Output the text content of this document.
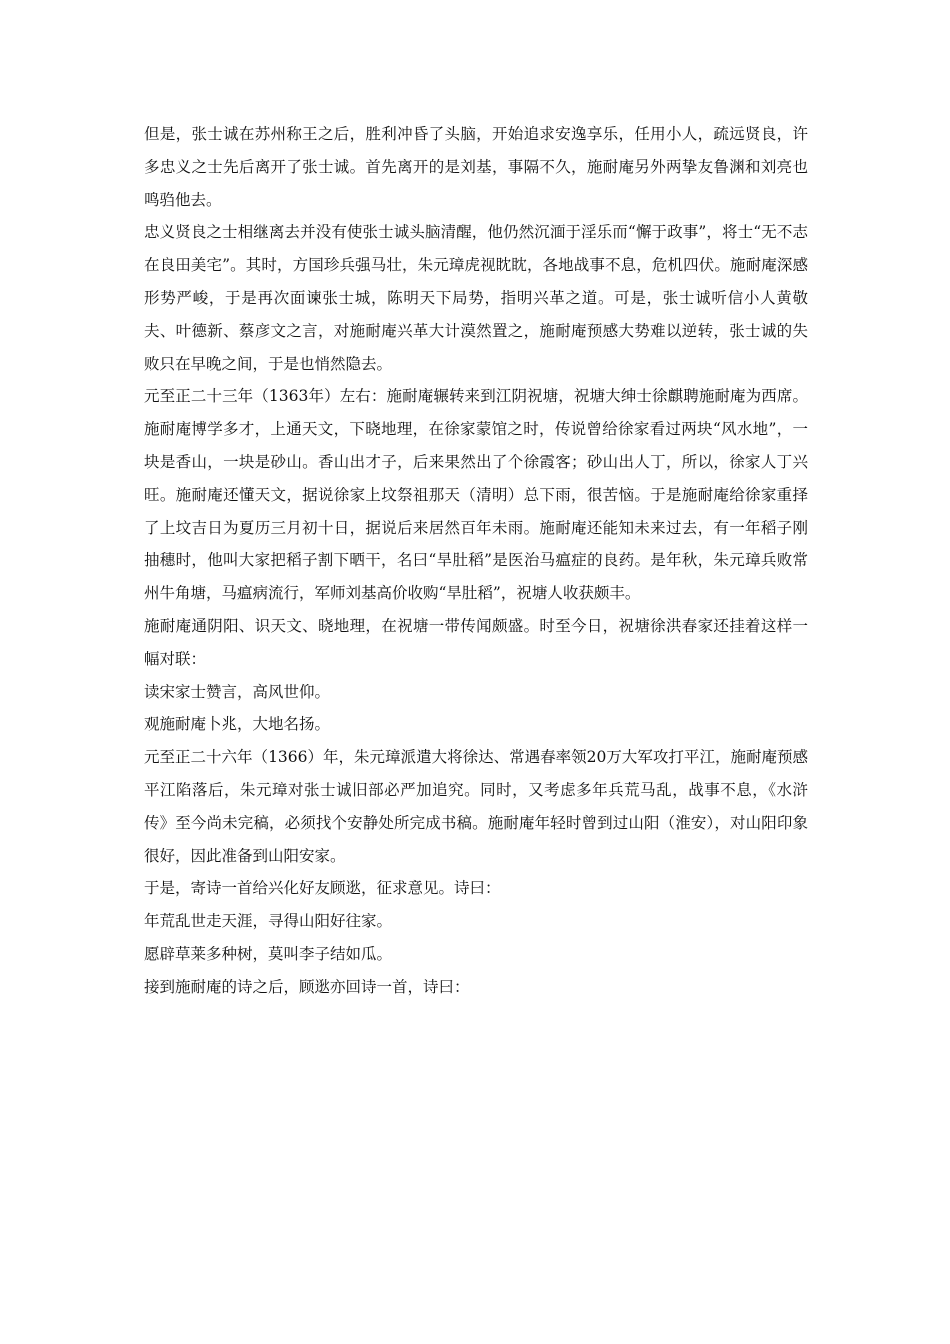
但是，张士诚在苏州称王之后，胜利冲昏了头脑，开始追求安逸享乐，任用小人，疏远贤良，许多忠义之士先后离开了张士诚。首先离开的是刘基，事隔不久，施耐庵另外两挚友鲁渊和刘亮也鸣驺他去。

忠义贤良之士相继离去并没有使张士诚头脑清醒，他仍然沉湎于淫乐而“懈于政事”，将士“无不志在良田美宅”。其时，方国珍兵强马壮，朱元璋虎视眈眈，各地战事不息，危机四伏。施耐庵深感形势严峻，于是再次面谏张士城，陈明天下局势，指明兴革之道。可是，张士诚听信小人黄敬夫、叶德新、蔡彦文之言，对施耐庵兴革大计漠然置之，施耐庵预感大势难以逆转，张士诚的失败只在早晚之间，于是也悄然隐去。

元至正二十三年（1363年）左右：施耐庵辗转来到江阴祝塘，祝塘大绅士徐麒聘施耐庵为西席。施耐庵博学多才，上通天文，下晓地理，在徐家蒙馆之时，传说曾给徐家看过两块“风水地”，一块是香山，一块是砂山。香山出才子，后来果然出了个徐霞客；砂山出人丁，所以，徐家人丁兴旺。施耐庵还懂天文，据说徐家上坟祭祖那天（清明）总下雨，很苦恼。于是施耐庵给徐家重择了上坟吉日为夏历三月初十日，据说后来居然百年未雨。施耐庵还能知未来过去，有一年稻子刚抽穗时，他叫大家把稻子割下晒干，名曰“旱肚稻”是医治马瘟症的良药。是年秋，朱元璋兵败常州牛角塘，马瘟病流行，军师刘基高价收购“旱肚稻”，祝塘人收获颇丰。

施耐庵通阴阳、识天文、晓地理，在祝塘一带传闻颇盛。时至今日，祝塘徐洪春家还挂着这样一幅对联：

读宋家士赞言，高风世仰。

观施耐庵卜兆，大地名扬。

元至正二十六年（1366）年，朱元璋派遣大将徐达、常遇春率领20万大军攻打平江，施耐庵预感平江陷落后，朱元璋对张士诚旧部必严加追究。同时，又考虑多年兵荒马乱，战事不息，《水浒传》至今尚未完稿，必须找个安静处所完成书稿。施耐庵年轻时曾到过山阳（淮安），对山阳印象很好，因此准备到山阳安家。

于是，寄诗一首给兴化好友顾逖，征求意见。诗曰：

年荒乱世走天涯，寻得山阳好往家。

愿辟草莱多种树，莫叫李子结如瓜。

接到施耐庵的诗之后，顾逖亦回诗一首，诗曰：
